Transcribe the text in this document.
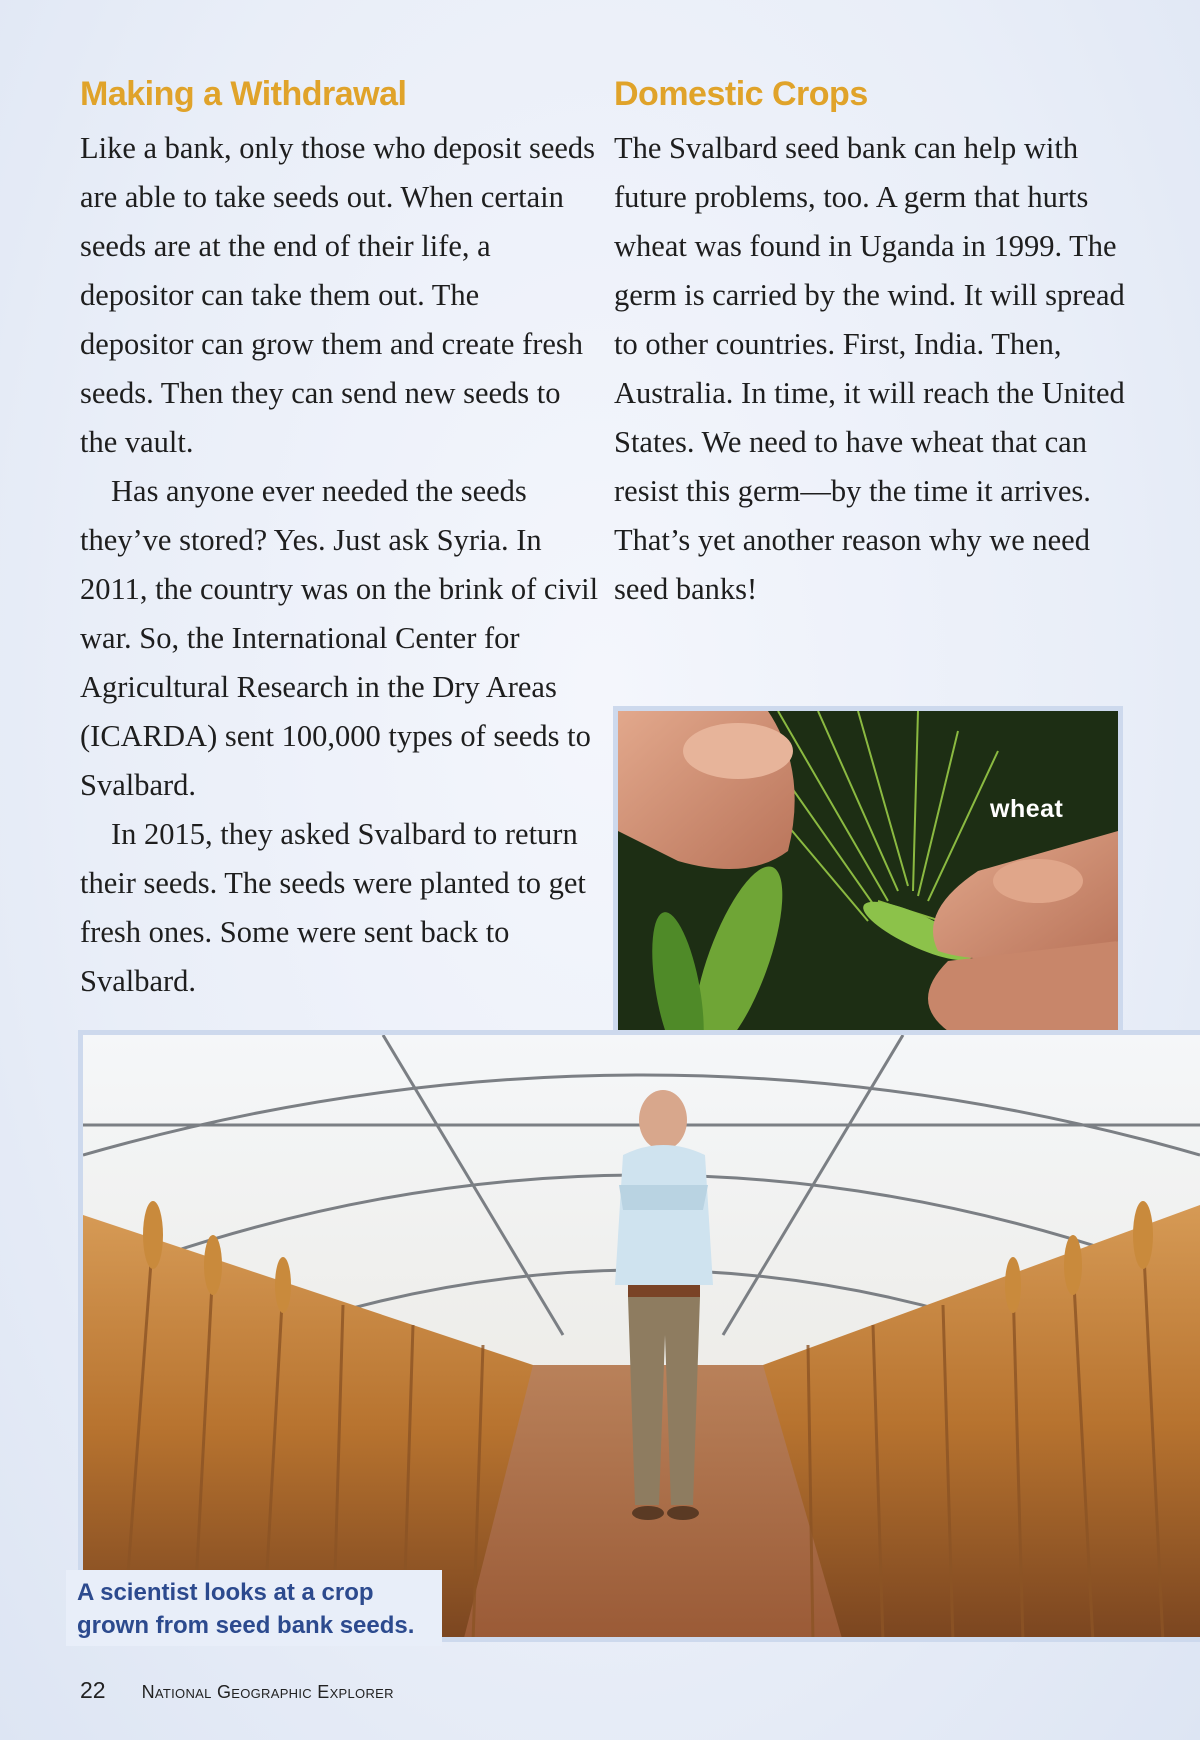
Making a Withdrawal

Like a bank, only those who deposit seeds are able to take seeds out. When certain seeds are at the end of their life, a depositor can take them out. The depositor can grow them and create fresh seeds. Then they can send new seeds to the vault.

Has anyone ever needed the seeds they’ve stored? Yes. Just ask Syria. In 2011, the country was on the brink of civil war. So, the International Center for Agricultural Research in the Dry Areas (ICARDA) sent 100,000 types of seeds to Svalbard.

In 2015, they asked Svalbard to return their seeds. The seeds were planted to get fresh ones. Some were sent back to Svalbard.

Domestic Crops

The Svalbard seed bank can help with future problems, too. A germ that hurts wheat was found in Uganda in 1999. The germ is carried by the wind. It will spread to other countries. First, India. Then, Australia. In time, it will reach the United States. We need to have wheat that can resist this germ—by the time it arrives. That’s yet another reason why we need seed banks!

wheat

A scientist looks at a crop grown from seed bank seeds.

22 National Geographic Explorer
